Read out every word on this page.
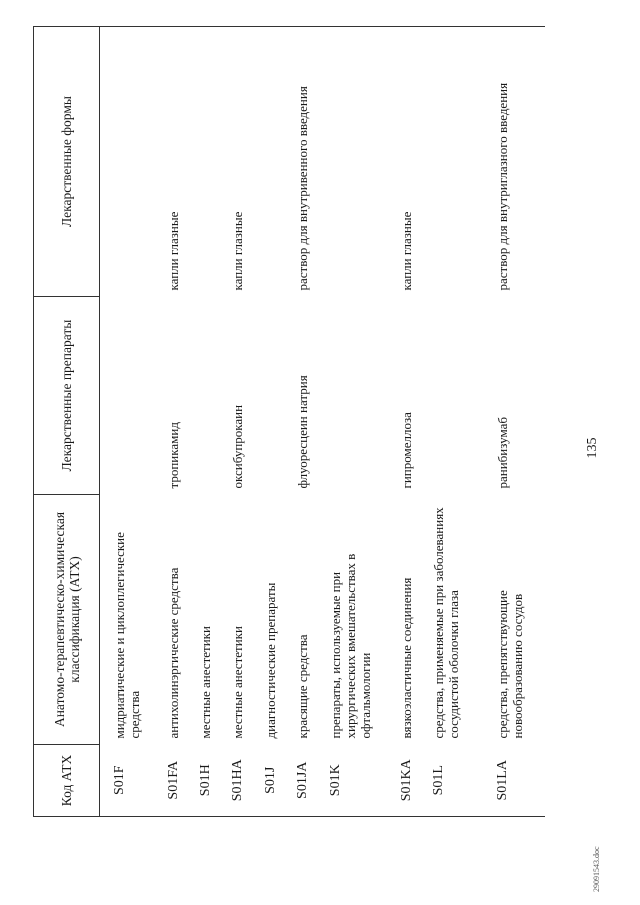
135
29091543.doc
Код АТХ	Анатомо-терапевтическо-химическая классификация (АТХ)	Лекарственные препараты	Лекарственные формы
S01F	мидриатические и циклоплегические средства		
S01FA	антихолинэргические средства	тропикамид	капли глазные
S01H	местные анестетики		
S01HA	местные анестетики	оксибупрокаин	капли глазные
S01J	диагностические препараты		
S01JA	красящие средства	флуоресцеин натрия	раствор для внутривенного введения
S01K	препараты, используемые при хирургических вмешательствах в офтальмологии		
S01KA	вязкоэластичные соединения	гипромеллоза	капли глазные
S01L	средства, применяемые при заболеваниях сосудистой оболочки глаза		
S01LA	средства, препятствующие новообразованию сосудов	ранибизумаб	раствор для внутриглазного введения
